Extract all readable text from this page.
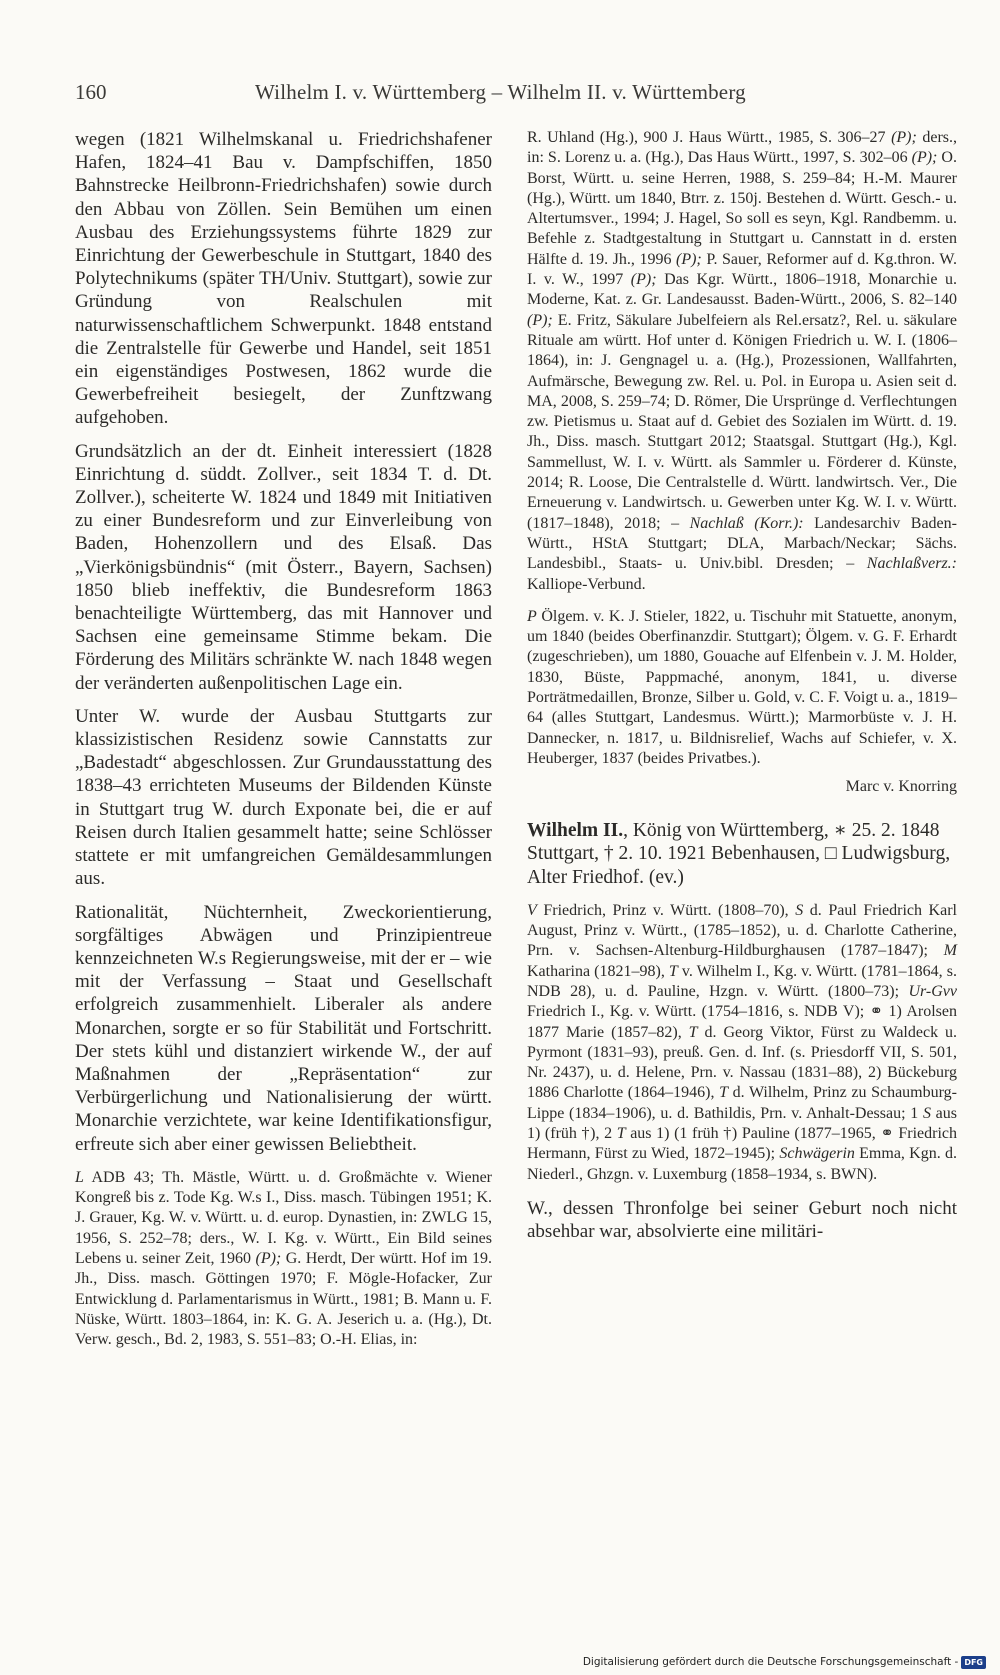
160	Wilhelm I. v. Württemberg – Wilhelm II. v. Württemberg

wegen (1821 Wilhelmskanal u. Friedrichshafener Hafen, 1824–41 Bau v. Dampfschiffen, 1850 Bahnstrecke Heilbronn-Friedrichshafen) sowie durch den Abbau von Zöllen. Sein Bemühen um einen Ausbau des Erziehungssystems führte 1829 zur Einrichtung der Gewerbeschule in Stuttgart, 1840 des Polytechnikums (später TH/Univ. Stuttgart), sowie zur Gründung von Realschulen mit naturwissenschaftlichem Schwerpunkt. 1848 entstand die Zentralstelle für Gewerbe und Handel, seit 1851 ein eigenständiges Postwesen, 1862 wurde die Gewerbefreiheit besiegelt, der Zunftzwang aufgehoben.

Grundsätzlich an der dt. Einheit interessiert (1828 Einrichtung d. süddt. Zollver., seit 1834 T. d. Dt. Zollver.), scheiterte W. 1824 und 1849 mit Initiativen zu einer Bundesreform und zur Einverleibung von Baden, Hohenzollern und des Elsaß. Das „Vierkönigsbündnis“ (mit Österr., Bayern, Sachsen) 1850 blieb ineffektiv, die Bundesreform 1863 benachteiligte Württemberg, das mit Hannover und Sachsen eine gemeinsame Stimme bekam. Die Förderung des Militärs schränkte W. nach 1848 wegen der veränderten außenpolitischen Lage ein.

Unter W. wurde der Ausbau Stuttgarts zur klassizistischen Residenz sowie Cannstatts zur „Badestadt“ abgeschlossen. Zur Grundausstattung des 1838–43 errichteten Museums der Bildenden Künste in Stuttgart trug W. durch Exponate bei, die er auf Reisen durch Italien gesammelt hatte; seine Schlösser stattete er mit umfangreichen Gemäldesammlungen aus.

Rationalität, Nüchternheit, Zweckorientierung, sorgfältiges Abwägen und Prinzipientreue kennzeichneten W.s Regierungsweise, mit der er – wie mit der Verfassung – Staat und Gesellschaft erfolgreich zusammenhielt. Liberaler als andere Monarchen, sorgte er so für Stabilität und Fortschritt. Der stets kühl und distanziert wirkende W., der auf Maßnahmen der „Repräsentation“ zur Verbürgerlichung und Nationalisierung der württ. Monarchie verzichtete, war keine Identifikationsfigur, erfreute sich aber einer gewissen Beliebtheit.

L ADB 43; Th. Mästle, Württ. u. d. Großmächte v. Wiener Kongreß bis z. Tode Kg. W.s I., Diss. masch. Tübingen 1951; K. J. Grauer, Kg. W. v. Württ. u. d. europ. Dynastien, in: ZWLG 15, 1956, S. 252–78; ders., W. I. Kg. v. Württ., Ein Bild seines Lebens u. seiner Zeit, 1960 (P); G. Herdt, Der württ. Hof im 19. Jh., Diss. masch. Göttingen 1970; F. Mögle-Hofacker, Zur Entwicklung d. Parlamentarismus in Württ., 1981; B. Mann u. F. Nüske, Württ. 1803–1864, in: K. G. A. Jeserich u. a. (Hg.), Dt. Verw. gesch., Bd. 2, 1983, S. 551–83; O.-H. Elias, in:

R. Uhland (Hg.), 900 J. Haus Württ., 1985, S. 306–27 (P); ders., in: S. Lorenz u. a. (Hg.), Das Haus Württ., 1997, S. 302–06 (P); O. Borst, Württ. u. seine Herren, 1988, S. 259–84; H.-M. Maurer (Hg.), Württ. um 1840, Btrr. z. 150j. Bestehen d. Württ. Gesch.- u. Altertumsver., 1994; J. Hagel, So soll es seyn, Kgl. Randbemm. u. Befehle z. Stadtgestaltung in Stuttgart u. Cannstatt in d. ersten Hälfte d. 19. Jh., 1996 (P); P. Sauer, Reformer auf d. Kg.thron. W. I. v. W., 1997 (P); Das Kgr. Württ., 1806–1918, Monarchie u. Moderne, Kat. z. Gr. Landesausst. Baden-Württ., 2006, S. 82–140 (P); E. Fritz, Säkulare Jubelfeiern als Rel.ersatz?, Rel. u. säkulare Rituale am württ. Hof unter d. Königen Friedrich u. W. I. (1806–1864), in: J. Gengnagel u. a. (Hg.), Prozessionen, Wallfahrten, Aufmärsche, Bewegung zw. Rel. u. Pol. in Europa u. Asien seit d. MA, 2008, S. 259–74; D. Römer, Die Ursprünge d. Verflechtungen zw. Pietismus u. Staat auf d. Gebiet des Sozialen im Württ. d. 19. Jh., Diss. masch. Stuttgart 2012; Staatsgal. Stuttgart (Hg.), Kgl. Sammellust, W. I. v. Württ. als Sammler u. Förderer d. Künste, 2014; R. Loose, Die Centralstelle d. Württ. landwirtsch. Ver., Die Erneuerung v. Landwirtsch. u. Gewerben unter Kg. W. I. v. Württ. (1817–1848), 2018; – Nachlaß (Korr.): Landesarchiv Baden-Württ., HStA Stuttgart; DLA, Marbach/Neckar; Sächs. Landesbibl., Staats- u. Univ.bibl. Dresden; – Nachlaßverz.: Kalliope-Verbund.

P Ölgem. v. K. J. Stieler, 1822, u. Tischuhr mit Statuette, anonym, um 1840 (beides Oberfinanzdir. Stuttgart); Ölgem. v. G. F. Erhardt (zugeschrieben), um 1880, Gouache auf Elfenbein v. J. M. Holder, 1830, Büste, Pappmaché, anonym, 1841, u. diverse Porträtmedaillen, Bronze, Silber u. Gold, v. C. F. Voigt u. a., 1819–64 (alles Stuttgart, Landesmus. Württ.); Marmorbüste v. J. H. Dannecker, n. 1817, u. Bildnisrelief, Wachs auf Schiefer, v. X. Heuberger, 1837 (beides Privatbes.).

Marc v. Knorring

Wilhelm II., König von Württemberg, ∗ 25. 2. 1848 Stuttgart, † 2. 10. 1921 Bebenhausen, □ Ludwigsburg, Alter Friedhof. (ev.)

V Friedrich, Prinz v. Württ. (1808–70), S d. Paul Friedrich Karl August, Prinz v. Württ., (1785–1852), u. d. Charlotte Catherine, Prn. v. Sachsen-Altenburg-Hildburghausen (1787–1847); M Katharina (1821–98), T v. Wilhelm I., Kg. v. Württ. (1781–1864, s. NDB 28), u. d. Pauline, Hzgn. v. Württ. (1800–73); Ur-Gvv Friedrich I., Kg. v. Württ. (1754–1816, s. NDB V); ⚭ 1) Arolsen 1877 Marie (1857–82), T d. Georg Viktor, Fürst zu Waldeck u. Pyrmont (1831–93), preuß. Gen. d. Inf. (s. Priesdorff VII, S. 501, Nr. 2437), u. d. Helene, Prn. v. Nassau (1831–88), 2) Bückeburg 1886 Charlotte (1864–1946), T d. Wilhelm, Prinz zu Schaumburg-Lippe (1834–1906), u. d. Bathildis, Prn. v. Anhalt-Dessau; 1 S aus 1) (früh †), 2 T aus 1) (1 früh †) Pauline (1877–1965, ⚭ Friedrich Hermann, Fürst zu Wied, 1872–1945); Schwägerin Emma, Kgn. d. Niederl., Ghzgn. v. Luxemburg (1858–1934, s. BWN).

W., dessen Thronfolge bei seiner Geburt noch nicht absehbar war, absolvierte eine militäri-

Digitalisierung gefördert durch die Deutsche Forschungsgemeinschaft - DFG
